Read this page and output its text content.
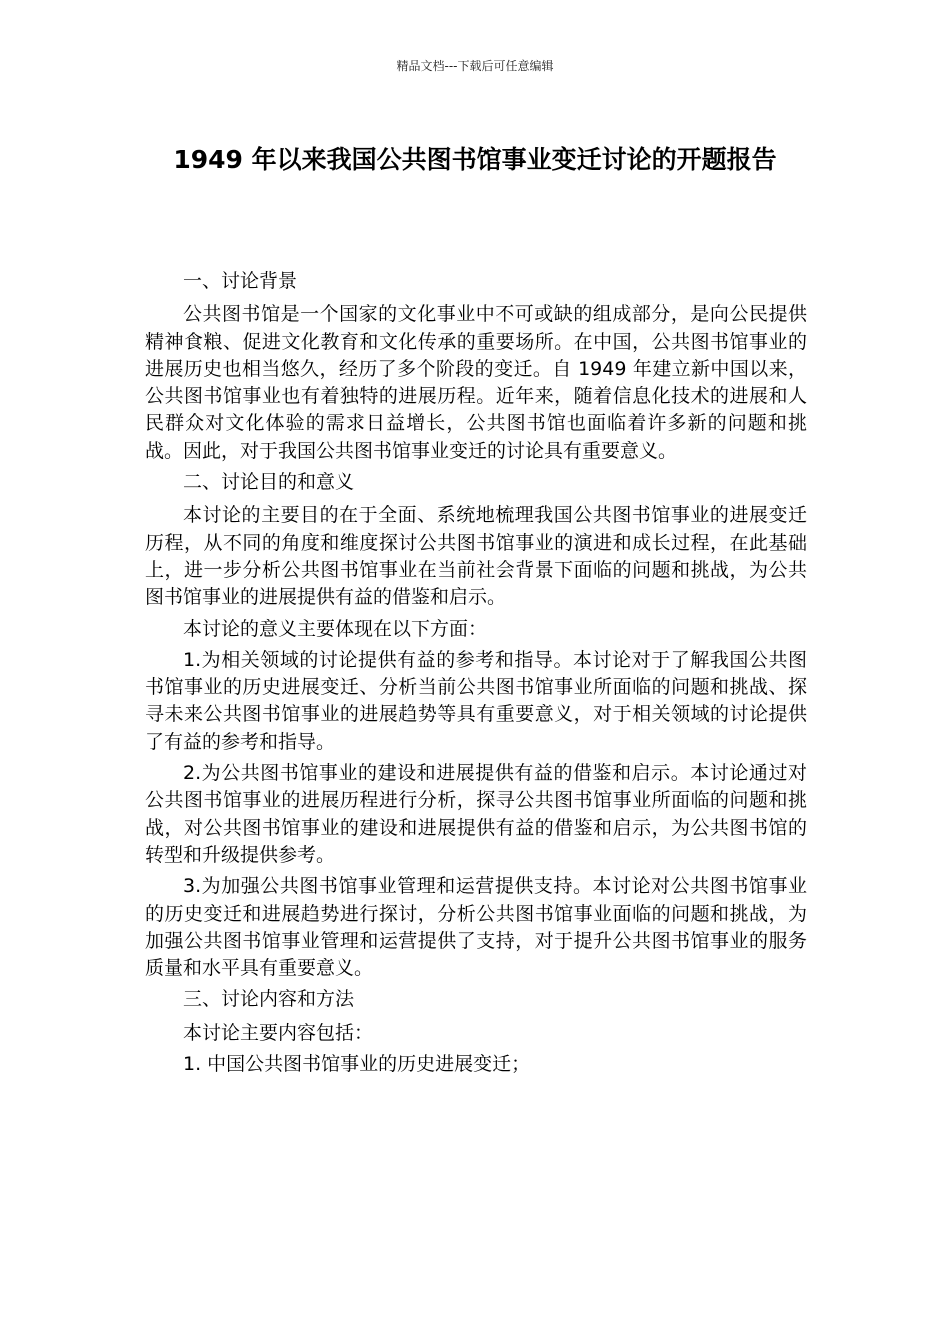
精品文档---下载后可任意编辑
1949 年以来我国公共图书馆事业变迁讨论的开题报告

一、讨论背景

公共图书馆是一个国家的文化事业中不可或缺的组成部分，是向公民提供精神食粮、促进文化教育和文化传承的重要场所。在中国，公共图书馆事业的进展历史也相当悠久，经历了多个阶段的变迁。自 1949 年建立新中国以来，公共图书馆事业也有着独特的进展历程。近年来，随着信息化技术的进展和人民群众对文化体验的需求日益增长，公共图书馆也面临着许多新的问题和挑战。因此，对于我国公共图书馆事业变迁的讨论具有重要意义。

二、讨论目的和意义

本讨论的主要目的在于全面、系统地梳理我国公共图书馆事业的进展变迁历程，从不同的角度和维度探讨公共图书馆事业的演进和成长过程，在此基础上，进一步分析公共图书馆事业在当前社会背景下面临的问题和挑战，为公共图书馆事业的进展提供有益的借鉴和启示。

本讨论的意义主要体现在以下方面：

1.为相关领域的讨论提供有益的参考和指导。本讨论对于了解我国公共图书馆事业的历史进展变迁、分析当前公共图书馆事业所面临的问题和挑战、探寻未来公共图书馆事业的进展趋势等具有重要意义，对于相关领域的讨论提供了有益的参考和指导。

2.为公共图书馆事业的建设和进展提供有益的借鉴和启示。本讨论通过对公共图书馆事业的进展历程进行分析，探寻公共图书馆事业所面临的问题和挑战，对公共图书馆事业的建设和进展提供有益的借鉴和启示，为公共图书馆的转型和升级提供参考。

3.为加强公共图书馆事业管理和运营提供支持。本讨论对公共图书馆事业的历史变迁和进展趋势进行探讨，分析公共图书馆事业面临的问题和挑战，为加强公共图书馆事业管理和运营提供了支持，对于提升公共图书馆事业的服务质量和水平具有重要意义。

三、讨论内容和方法

本讨论主要内容包括：

1. 中国公共图书馆事业的历史进展变迁；
